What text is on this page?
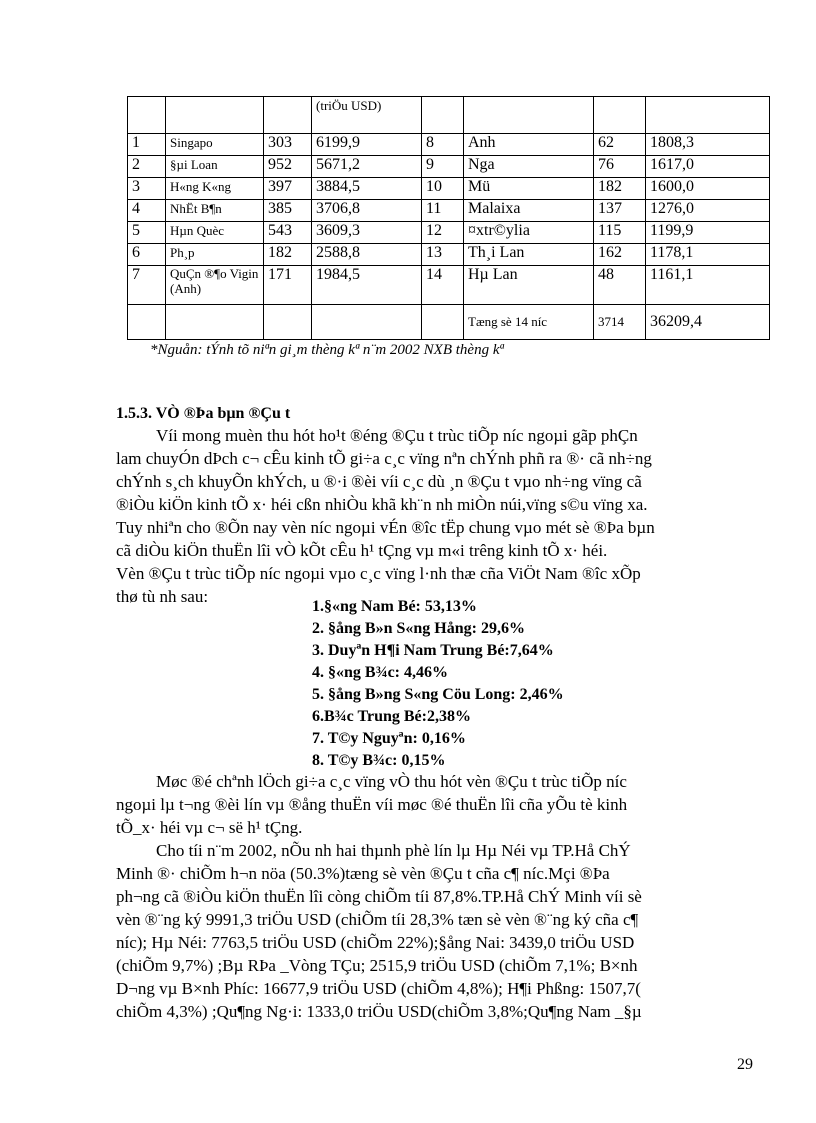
			(triÖu USD)				
1	Singapo	303	6199,9	8	Anh	62	1808,3
2	§µi Loan	952	5671,2	9	Nga	76	1617,0
3	H«ng K«ng	397	3884,5	10	Mü	182	1600,0
4	NhËt B¶n	385	3706,8	11	Malaixa	137	1276,0
5	Hµn Quèc	543	3609,3	12	¤xtr©ylia	115	1199,9
6	Ph¸p	182	2588,8	13	Th¸i Lan	162	1178,1
7	QuÇn ®¶o Vigin (Anh)	171	1984,5	14	Hµ Lan	48	1161,1
					Tæng sè 14 níc	3714	36209,4
*Nguån: tÝnh tõ niªn gi¸m thèng kª n¨m 2002 NXB thèng kª
1.5.3. VÒ ®Þa bµn ®Çu t
Víi mong muèn thu hót ho¹t ®éng ®Çu t trùc tiÕp níc ngoµi gãp phÇn
lam chuyÓn dÞch c¬ cÊu kinh tÕ gi÷a c¸c vïng nªn chÝnh phñ ra ®· cã nh÷ng
chÝnh s¸ch khuyÕn khÝch, u ®·i ®èi víi c¸c dù ¸n ®Çu t vµo nh÷ng vïng cã
®iÒu kiÖn kinh tÕ x· héi cßn nhiÒu khã kh¨n nh miÒn núi,vïng s©u vïng xa.
Tuy nhiªn cho ®Õn nay vèn níc ngoµi vÉn ®îc tËp chung vµo mét sè ®Þa bµn
cã diÒu kiÖn thuËn lîi vÒ kÕt cÊu h¹ tÇng vµ m«i trêng kinh tÕ x· héi.
Vèn ®Çu t trùc tiÕp níc ngoµi vµo c¸c vïng l·nh thæ cña ViÖt Nam ®îc xÕp
thø tù nh sau:
1.§«ng Nam Bé: 53,13%
2. §ång B»n S«ng Hång: 29,6%
3. Duyªn H¶i Nam Trung Bé:7,64%
4. §«ng B¾c: 4,46%
5. §ång B»ng S«ng Cöu Long: 2,46%
6.B¾c Trung Bé:2,38%
7. T©y Nguyªn: 0,16%
8. T©y B¾c: 0,15%
Møc ®é chªnh lÖch gi÷a c¸c vïng vÒ thu hót vèn ®Çu t trùc tiÕp níc
ngoµi lµ t¬ng ®èi lín vµ ®ång thuËn víi møc ®é thuËn lîi cña yÕu tè kinh
tÕ_x· héi vµ c¬ së h¹ tÇng.
Cho tíi n¨m 2002, nÕu nh hai thµnh phè lín lµ Hµ Néi vµ TP.Hå ChÝ
Minh ®· chiÕm h¬n nöa (50.3%)tæng sè vèn ®Çu t cña c¶ níc.Mçi ®Þa
ph¬ng cã ®iÒu kiÖn thuËn lîi còng chiÕm tíi 87,8%.TP.Hå ChÝ Minh víi sè
vèn ®¨ng ký 9991,3 triÖu USD (chiÕm tíi 28,3% tæn sè vèn ®¨ng ký cña c¶
níc); Hµ Néi: 7763,5 triÖu USD (chiÕm 22%);§ång Nai: 3439,0 triÖu USD
(chiÕm 9,7%) ;Bµ RÞa _Vòng TÇu; 2515,9 triÖu USD (chiÕm 7,1%; B×nh
D¬ng vµ B×nh Phíc: 16677,9 triÖu USD (chiÕm 4,8%); H¶i Phßng: 1507,7(
chiÕm 4,3%) ;Qu¶ng Ng·i: 1333,0 triÖu USD(chiÕm 3,8%;Qu¶ng Nam _§µ
29
